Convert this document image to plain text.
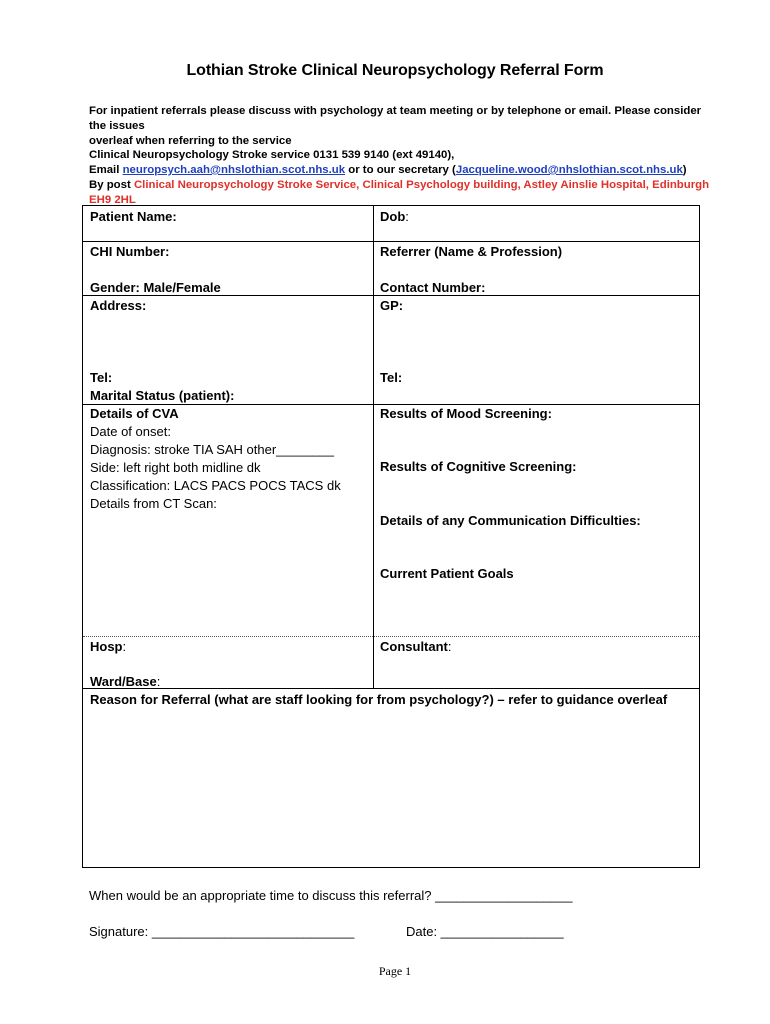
Lothian Stroke Clinical Neuropsychology Referral Form
For inpatient referrals please discuss with psychology at team meeting or by telephone or email. Please consider the issues
overleaf when referring to the service
Clinical Neuropsychology Stroke service 0131 539 9140 (ext 49140),
Email neuropsych.aah@nhslothian.scot.nhs.uk or to our secretary (Jacqueline.wood@nhslothian.scot.nhs.uk)
By post Clinical Neuropsychology Stroke Service, Clinical Psychology building, Astley Ainslie Hospital, Edinburgh EH9 2HL
Patient Name:
CHI Number:
Gender: Male/Female
Address:
Tel:
Marital Status (patient):
Details of CVA
Date of onset:
Diagnosis: stroke TIA SAH other________
Side: left right both midline dk
Classification: LACS PACS POCS TACS dk
Details from CT Scan:
Hosp:
Ward/Base:
Reason for Referral (what are staff looking for from psychology?) – refer to guidance overleaf
Dob:
Referrer (Name & Profession)
Contact Number:
GP:
Tel:
Results of Mood Screening:
Results of Cognitive Screening:
Details of any Communication Difficulties:
Current Patient Goals
Consultant:
When would be an appropriate time to discuss this referral? ___________________
Signature: ____________________________	Date: _________________
Page 1
